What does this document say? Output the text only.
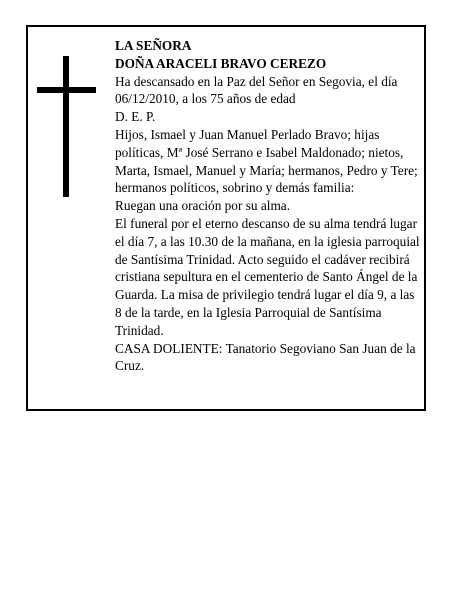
LA SEÑORA

DOÑA ARACELI BRAVO CEREZO

Ha descansado en la Paz del Señor en Segovia, el día 06/12/2010, a los 75 años de edad

D. E. P.

Hijos, Ismael y Juan Manuel Perlado Bravo; hijas políticas, Mª José Serrano e Isabel Maldonado; nietos, Marta, Ismael, Manuel y María; hermanos, Pedro y Tere; hermanos políticos, sobrino y demás familia:

Ruegan una oración por su alma.

El funeral por el eterno descanso de su alma tendrá lugar el día 7, a las 10.30 de la mañana, en la iglesia parroquial de Santísima Trinidad. Acto seguido el cadáver recibirá cristiana sepultura en el cementerio de Santo Ángel de la Guarda. La misa de privilegio tendrá lugar el día 9, a las 8 de la tarde, en la Iglesia Parroquial de Santísima Trinidad.

CASA DOLIENTE: Tanatorio Segoviano San Juan de la Cruz.
